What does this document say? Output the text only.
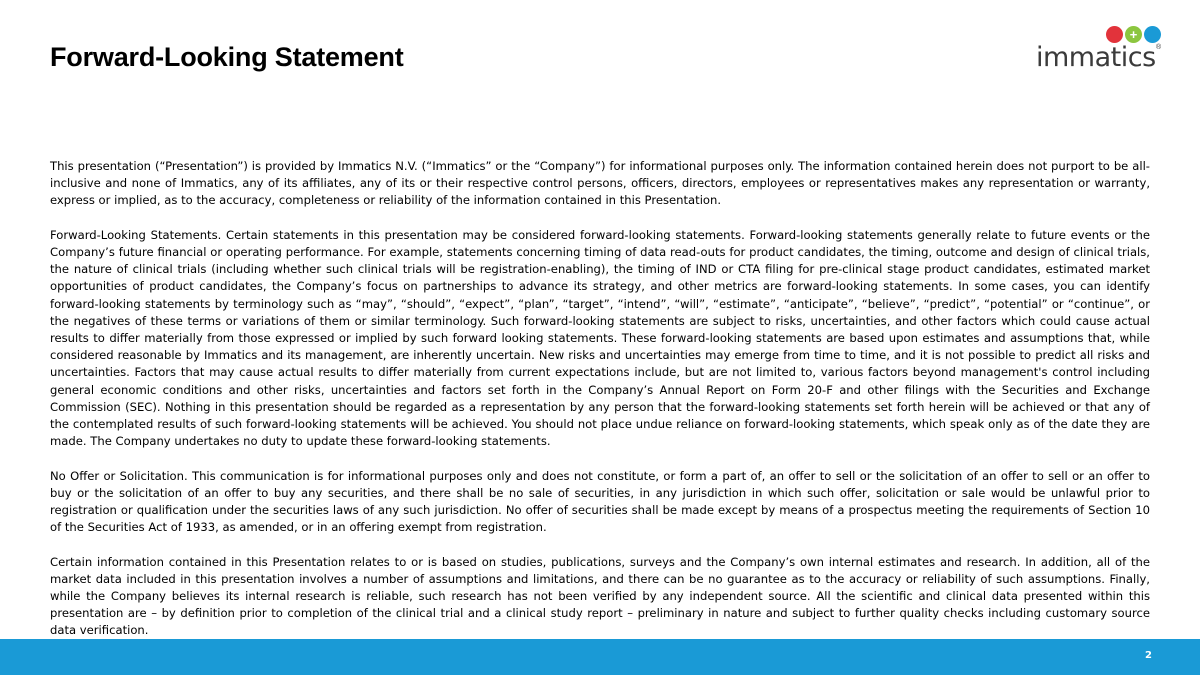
Forward-Looking Statement
+
immatics ®

This presentation (“Presentation”) is provided by Immatics N.V. (“Immatics” or the “Company”) for informational purposes only. The information contained herein does not purport to be all-inclusive and none of Immatics, any of its affiliates, any of its or their respective control persons, officers, directors, employees or representatives makes any representation or warranty, express or implied, as to the accuracy, completeness or reliability of the information contained in this Presentation.

Forward-Looking Statements. Certain statements in this presentation may be considered forward-looking statements. Forward-looking statements generally relate to future events or the Company’s future financial or operating performance. For example, statements concerning timing of data read-outs for product candidates, the timing, outcome and design of clinical trials, the nature of clinical trials (including whether such clinical trials will be registration-enabling), the timing of IND or CTA filing for pre-clinical stage product candidates, estimated market opportunities of product candidates, the Company’s focus on partnerships to advance its strategy, and other metrics are forward-looking statements. In some cases, you can identify forward-looking statements by terminology such as “may”, “should”, “expect”, “plan”, “target”, “intend”, “will”, “estimate”, “anticipate”, “believe”, “predict”, “potential” or “continue”, or the negatives of these terms or variations of them or similar terminology. Such forward-looking statements are subject to risks, uncertainties, and other factors which could cause actual results to differ materially from those expressed or implied by such forward looking statements. These forward-looking statements are based upon estimates and assumptions that, while considered reasonable by Immatics and its management, are inherently uncertain. New risks and uncertainties may emerge from time to time, and it is not possible to predict all risks and uncertainties. Factors that may cause actual results to differ materially from current expectations include, but are not limited to, various factors beyond management's control including general economic conditions and other risks, uncertainties and factors set forth in the Company’s Annual Report on Form 20-F and other filings with the Securities and Exchange Commission (SEC). Nothing in this presentation should be regarded as a representation by any person that the forward-looking statements set forth herein will be achieved or that any of the contemplated results of such forward-looking statements will be achieved. You should not place undue reliance on forward-looking statements, which speak only as of the date they are made. The Company undertakes no duty to update these forward-looking statements.

No Offer or Solicitation. This communication is for informational purposes only and does not constitute, or form a part of, an offer to sell or the solicitation of an offer to sell or an offer to buy or the solicitation of an offer to buy any securities, and there shall be no sale of securities, in any jurisdiction in which such offer, solicitation or sale would be unlawful prior to registration or qualification under the securities laws of any such jurisdiction. No offer of securities shall be made except by means of a prospectus meeting the requirements of Section 10 of the Securities Act of 1933, as amended, or in an offering exempt from registration.

Certain information contained in this Presentation relates to or is based on studies, publications, surveys and the Company’s own internal estimates and research. In addition, all of the market data included in this presentation involves a number of assumptions and limitations, and there can be no guarantee as to the accuracy or reliability of such assumptions. Finally, while the Company believes its internal research is reliable, such research has not been verified by any independent source. All the scientific and clinical data presented within this presentation are – by definition prior to completion of the clinical trial and a clinical study report – preliminary in nature and subject to further quality checks including customary source data verification.

2
